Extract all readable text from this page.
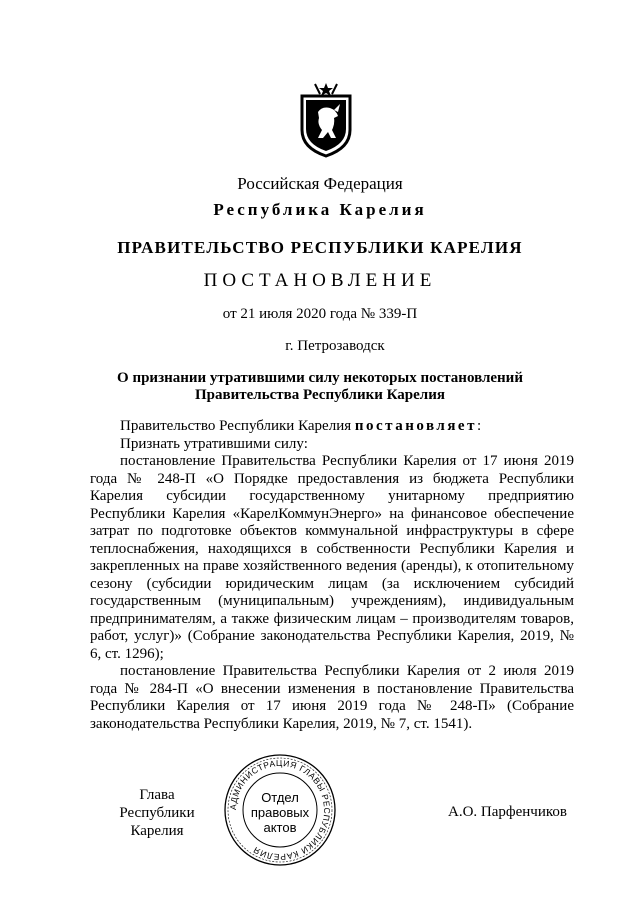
Российская Федерация
Республика Карелия
ПРАВИТЕЛЬСТВО РЕСПУБЛИКИ КАРЕЛИЯ
ПОСТАНОВЛЕНИЕ
от 21 июля 2020 года № 339-П
г. Петрозаводск
О признании утратившими силу некоторых постановлений
Правительства Республики Карелия

Правительство Республики Карелия постановляет:

Признать утратившими силу:

постановление Правительства Республики Карелия от 17 июня 2019 года № 248-П «О Порядке предоставления из бюджета Республики Карелия субсидии государственному унитарному предприятию Республики Карелия «КарелКоммунЭнерго» на финансовое обеспечение затрат по подготовке объектов коммунальной инфраструктуры в сфере теплоснабжения, находящихся в собственности Республики Карелия и закрепленных на праве хозяйственного ведения (аренды), к отопительному сезону (субсидии юридическим лицам (за исключением субсидий государственным (муниципальным) учреждениям), индивидуальным предпринимателям, а также физическим лицам – производителям товаров, работ, услуг)» (Собрание законодательства Республики Карелия, 2019, № 6, ст. 1296);

постановление Правительства Республики Карелия от 2 июля 2019 года № 284-П «О внесении изменения в постановление Правительства Республики Карелия от 17 июня 2019 года № 248-П» (Собрание законодательства Республики Карелия, 2019, № 7, ст. 1541).

Глава
Республики Карелия
АДМИНИСТРАЦИЯ ГЛАВЫ РЕСПУБЛИКИ КАРЕЛИЯ
Отдел
правовых
актов
А.О. Парфенчиков
